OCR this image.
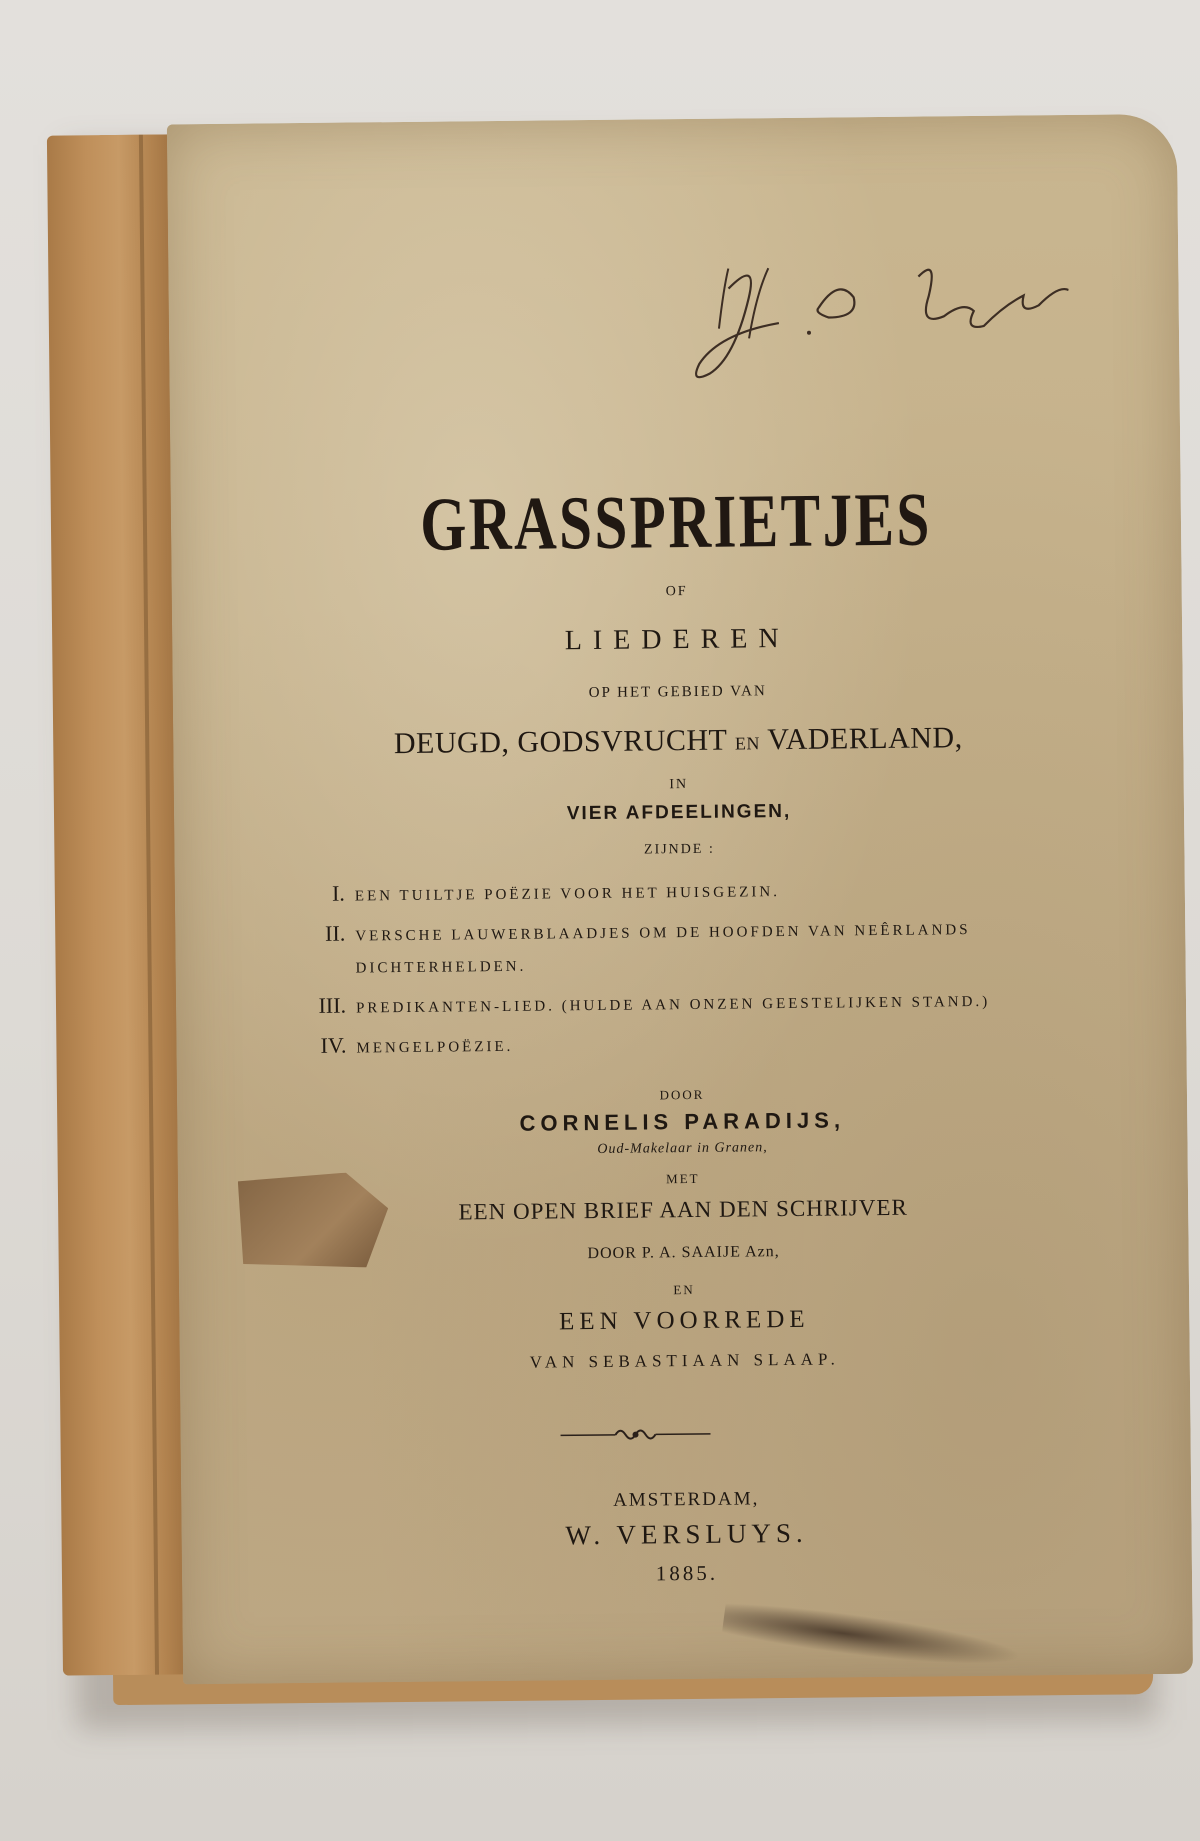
GRASSPRIETJES
OF
LIEDEREN
OP HET GEBIED VAN
DEUGD, GODSVRUCHT EN VADERLAND,
IN
VIER AFDEELINGEN,
ZIJNDE :
I. EEN TUILTJE POËZIE VOOR HET HUISGEZIN.
II. VERSCHE LAUWERBLAADJES OM DE HOOFDEN VAN NEÊRLANDS DICHTERHELDEN.
III. PREDIKANTEN-LIED. (HULDE AAN ONZEN GEESTELIJKEN STAND.)
IV. MENGELPOËZIE.
DOOR
CORNELIS PARADIJS,
Oud-Makelaar in Granen,
MET
EEN OPEN BRIEF AAN DEN SCHRIJVER
DOOR P. A. SAAIJE Azn,
EN
EEN VOORREDE
VAN SEBASTIAAN SLAAP.
AMSTERDAM,
W. VERSLUYS.
1885.
